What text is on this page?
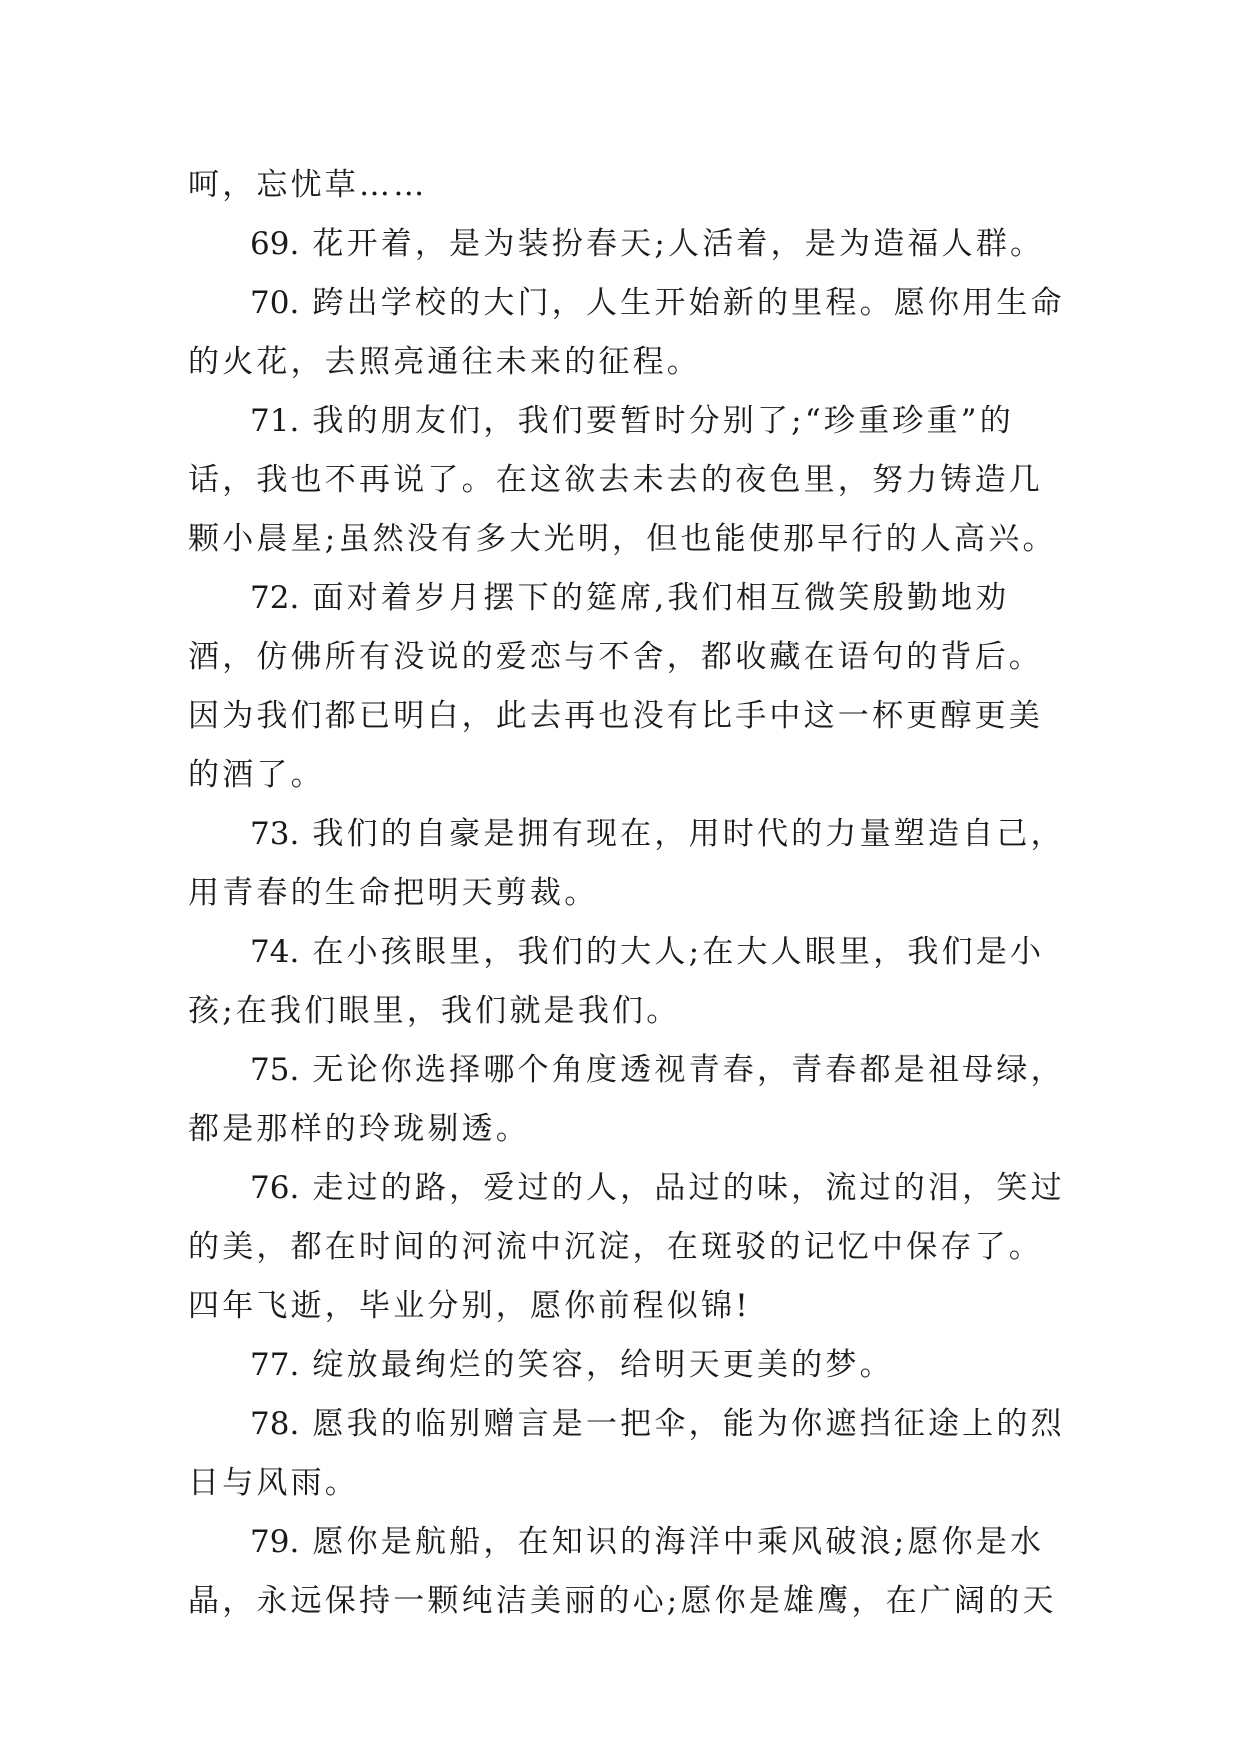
呵，忘忧草……

69. 花开着，是为装扮春天;人活着，是为造福人群。

70. 跨出学校的大门，人生开始新的里程。愿你用生命的火花，去照亮通往未来的征程。

71. 我的朋友们，我们要暂时分别了;“珍重珍重”的话，我也不再说了。在这欲去未去的夜色里，努力铸造几颗小晨星;虽然没有多大光明，但也能使那早行的人高兴。

72. 面对着岁月摆下的筵席,我们相互微笑殷勤地劝酒，仿佛所有没说的爱恋与不舍，都收藏在语句的背后。因为我们都已明白，此去再也没有比手中这一杯更醇更美的酒了。

73. 我们的自豪是拥有现在，用时代的力量塑造自己，用青春的生命把明天剪裁。

74. 在小孩眼里，我们的大人;在大人眼里，我们是小孩;在我们眼里，我们就是我们。

75. 无论你选择哪个角度透视青春，青春都是祖母绿，都是那样的玲珑剔透。

76. 走过的路，爱过的人，品过的味，流过的泪，笑过的美，都在时间的河流中沉淀，在斑驳的记忆中保存了。四年飞逝，毕业分别，愿你前程似锦!

77. 绽放最绚烂的笑容，给明天更美的梦。

78. 愿我的临别赠言是一把伞，能为你遮挡征途上的烈日与风雨。

79. 愿你是航船，在知识的海洋中乘风破浪;愿你是水晶，永远保持一颗纯洁美丽的心;愿你是雄鹰，在广阔的天
